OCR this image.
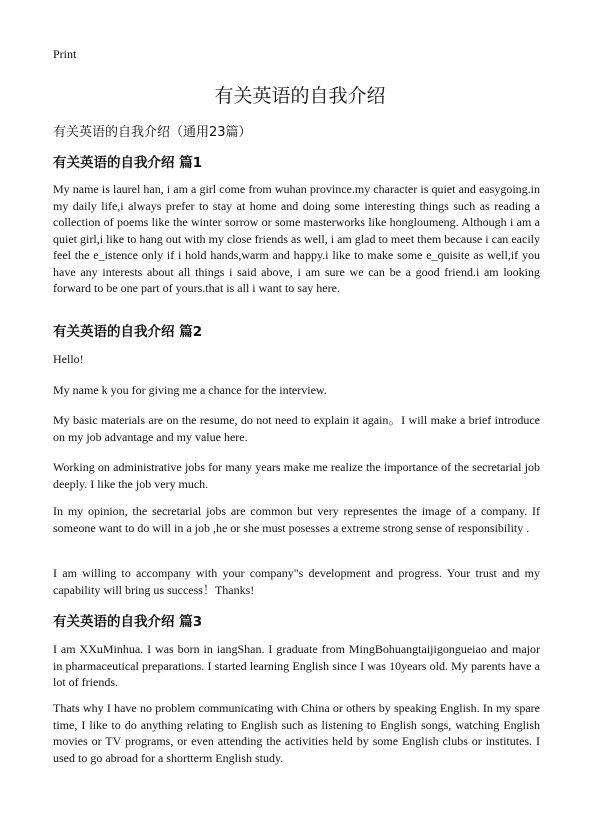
Print
有关英语的自我介绍
有关英语的自我介绍（通用23篇）
有关英语的自我介绍 篇1

My name is laurel han, i am a girl come from wuhan province.my character is quiet and easygoing.in my daily life,i always prefer to stay at home and doing some interesting things such as reading a collection of poems like the winter sorrow or some masterworks like hongloumeng. Although i am a quiet girl,i like to hang out with my close friends as well, i am glad to meet them because i can eacily feel the e_istence only if i hold hands,warm and happy.i like to make some e_quisite as well,if you have any interests about all things i said above, i am sure we can be a good friend.i am looking forward to be one part of yours.that is all i want to say here.

有关英语的自我介绍 篇2

Hello!

My name k you for giving me a chance for the interview.

My basic materials are on the resume, do not need to explain it again。I will make a brief introduce on my job advantage and my value here.

Working on administrative jobs for many years make me realize the importance of the secretarial job deeply. I like the job very much.

In my opinion, the secretarial jobs are common but very representes the image of a company. If someone want to do will in a job ,he or she must posesses a extreme strong sense of responsibility .

I am willing to accompany with your company"s development and progress. Your trust and my capability will bring us success！Thanks!

有关英语的自我介绍 篇3

I am XXuMinhua. I was born in iangShan. I graduate from MingBohuangtaijigongueiao and major in pharmaceutical preparations. I started learning English since I was 10years old. My parents have a lot of friends.

Thats why I have no problem communicating with China or others by speaking English. In my spare time, I like to do anything relating to English such as listening to English songs, watching English movies or TV programs, or even attending the activities held by some English clubs or institutes. I used to go abroad for a shortterm English study.
